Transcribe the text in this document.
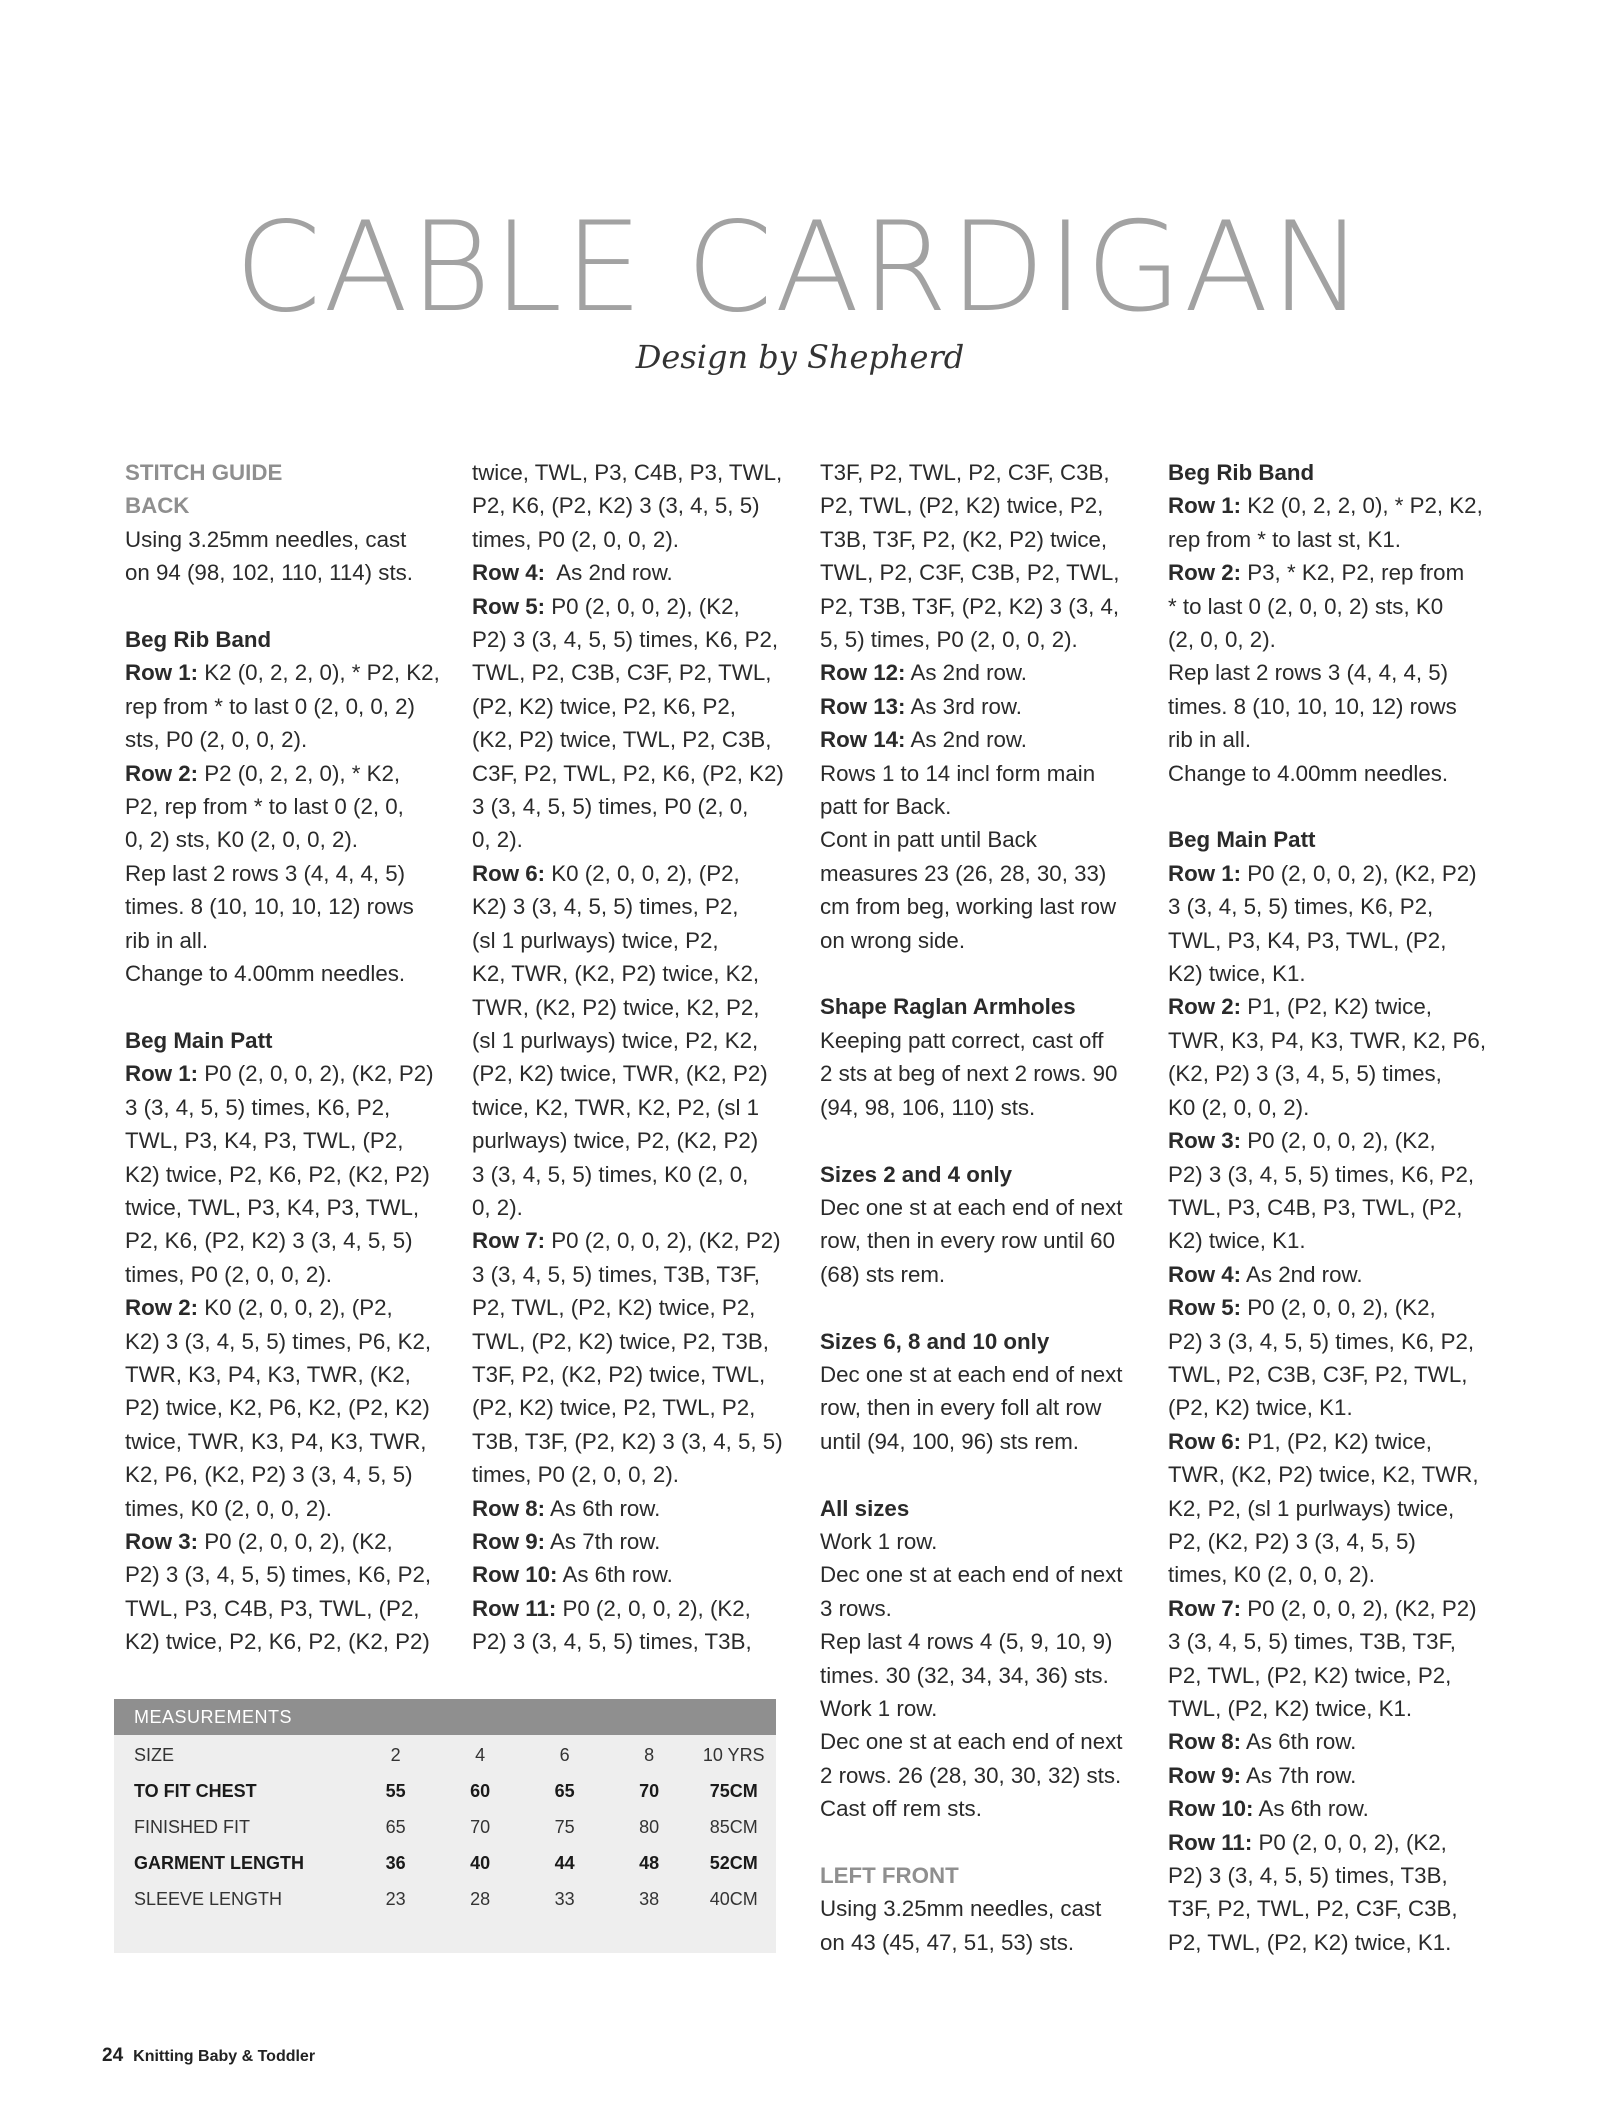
CABLE CARDIGAN
Design by Shepherd
STITCH GUIDE
BACK
Using 3.25mm needles, cast
on 94 (98, 102, 110, 114) sts.
Beg Rib Band
Row 1: K2 (0, 2, 2, 0), * P2, K2,
rep from * to last 0 (2, 0, 0, 2)
sts, P0 (2, 0, 0, 2).
Row 2: P2 (0, 2, 2, 0), * K2,
P2, rep from * to last 0 (2, 0,
0, 2) sts, K0 (2, 0, 0, 2).
Rep last 2 rows 3 (4, 4, 4, 5)
times. 8 (10, 10, 10, 12) rows
rib in all.
Change to 4.00mm needles.
Beg Main Patt
Row 1: P0 (2, 0, 0, 2), (K2, P2)
3 (3, 4, 5, 5) times, K6, P2,
TWL, P3, K4, P3, TWL, (P2,
K2) twice, P2, K6, P2, (K2, P2)
twice, TWL, P3, K4, P3, TWL,
P2, K6, (P2, K2) 3 (3, 4, 5, 5)
times, P0 (2, 0, 0, 2).
Row 2: K0 (2, 0, 0, 2), (P2,
K2) 3 (3, 4, 5, 5) times, P6, K2,
TWR, K3, P4, K3, TWR, (K2,
P2) twice, K2, P6, K2, (P2, K2)
twice, TWR, K3, P4, K3, TWR,
K2, P6, (K2, P2) 3 (3, 4, 5, 5)
times, K0 (2, 0, 0, 2).
Row 3: P0 (2, 0, 0, 2), (K2,
P2) 3 (3, 4, 5, 5) times, K6, P2,
TWL, P3, C4B, P3, TWL, (P2,
K2) twice, P2, K6, P2, (K2, P2)
twice, TWL, P3, C4B, P3, TWL,
P2, K6, (P2, K2) 3 (3, 4, 5, 5)
times, P0 (2, 0, 0, 2).
Row 4:  As 2nd row.
Row 5: P0 (2, 0, 0, 2), (K2,
P2) 3 (3, 4, 5, 5) times, K6, P2,
TWL, P2, C3B, C3F, P2, TWL,
(P2, K2) twice, P2, K6, P2,
(K2, P2) twice, TWL, P2, C3B,
C3F, P2, TWL, P2, K6, (P2, K2)
3 (3, 4, 5, 5) times, P0 (2, 0,
0, 2).
Row 6: K0 (2, 0, 0, 2), (P2,
K2) 3 (3, 4, 5, 5) times, P2,
(sl 1 purlways) twice, P2,
K2, TWR, (K2, P2) twice, K2,
TWR, (K2, P2) twice, K2, P2,
(sl 1 purlways) twice, P2, K2,
(P2, K2) twice, TWR, (K2, P2)
twice, K2, TWR, K2, P2, (sl 1
purlways) twice, P2, (K2, P2)
3 (3, 4, 5, 5) times, K0 (2, 0,
0, 2).
Row 7: P0 (2, 0, 0, 2), (K2, P2)
3 (3, 4, 5, 5) times, T3B, T3F,
P2, TWL, (P2, K2) twice, P2,
TWL, (P2, K2) twice, P2, T3B,
T3F, P2, (K2, P2) twice, TWL,
(P2, K2) twice, P2, TWL, P2,
T3B, T3F, (P2, K2) 3 (3, 4, 5, 5)
times, P0 (2, 0, 0, 2).
Row 8: As 6th row.
Row 9: As 7th row.
Row 10: As 6th row.
Row 11: P0 (2, 0, 0, 2), (K2,
P2) 3 (3, 4, 5, 5) times, T3B,
T3F, P2, TWL, P2, C3F, C3B,
P2, TWL, (P2, K2) twice, P2,
T3B, T3F, P2, (K2, P2) twice,
TWL, P2, C3F, C3B, P2, TWL,
P2, T3B, T3F, (P2, K2) 3 (3, 4,
5, 5) times, P0 (2, 0, 0, 2).
Row 12: As 2nd row.
Row 13: As 3rd row.
Row 14: As 2nd row.
Rows 1 to 14 incl form main
patt for Back.
Cont in patt until Back
measures 23 (26, 28, 30, 33)
cm from beg, working last row
on wrong side.
Shape Raglan Armholes
Keeping patt correct, cast off
2 sts at beg of next 2 rows. 90
(94, 98, 106, 110) sts.
Sizes 2 and 4 only
Dec one st at each end of next
row, then in every row until 60
(68) sts rem.
Sizes 6, 8 and 10 only
Dec one st at each end of next
row, then in every foll alt row
until (94, 100, 96) sts rem.
All sizes
Work 1 row.
Dec one st at each end of next
3 rows.
Rep last 4 rows 4 (5, 9, 10, 9)
times. 30 (32, 34, 34, 36) sts.
Work 1 row.
Dec one st at each end of next
2 rows. 26 (28, 30, 30, 32) sts.
Cast off rem sts.
LEFT FRONT
Using 3.25mm needles, cast
on 43 (45, 47, 51, 53) sts.
Beg Rib Band
Row 1: K2 (0, 2, 2, 0), * P2, K2,
rep from * to last st, K1.
Row 2: P3, * K2, P2, rep from
* to last 0 (2, 0, 0, 2) sts, K0
(2, 0, 0, 2).
Rep last 2 rows 3 (4, 4, 4, 5)
times. 8 (10, 10, 10, 12) rows
rib in all.
Change to 4.00mm needles.
Beg Main Patt
Row 1: P0 (2, 0, 0, 2), (K2, P2)
3 (3, 4, 5, 5) times, K6, P2,
TWL, P3, K4, P3, TWL, (P2,
K2) twice, K1.
Row 2: P1, (P2, K2) twice,
TWR, K3, P4, K3, TWR, K2, P6,
(K2, P2) 3 (3, 4, 5, 5) times,
K0 (2, 0, 0, 2).
Row 3: P0 (2, 0, 0, 2), (K2,
P2) 3 (3, 4, 5, 5) times, K6, P2,
TWL, P3, C4B, P3, TWL, (P2,
K2) twice, K1.
Row 4: As 2nd row.
Row 5: P0 (2, 0, 0, 2), (K2,
P2) 3 (3, 4, 5, 5) times, K6, P2,
TWL, P2, C3B, C3F, P2, TWL,
(P2, K2) twice, K1.
Row 6: P1, (P2, K2) twice,
TWR, (K2, P2) twice, K2, TWR,
K2, P2, (sl 1 purlways) twice,
P2, (K2, P2) 3 (3, 4, 5, 5)
times, K0 (2, 0, 0, 2).
Row 7: P0 (2, 0, 0, 2), (K2, P2)
3 (3, 4, 5, 5) times, T3B, T3F,
P2, TWL, (P2, K2) twice, P2,
TWL, (P2, K2) twice, K1.
Row 8: As 6th row.
Row 9: As 7th row.
Row 10: As 6th row.
Row 11: P0 (2, 0, 0, 2), (K2,
P2) 3 (3, 4, 5, 5) times, T3B,
T3F, P2, TWL, P2, C3F, C3B,
P2, TWL, (P2, K2) twice, K1.
MEASUREMENTS
SIZE	2	4	6	8	10 YRS
TO FIT CHEST	55	60	65	70	75CM
FINISHED FIT	65	70	75	80	85CM
GARMENT LENGTH	36	40	44	48	52CM
SLEEVE LENGTH	23	28	33	38	40CM
24 Knitting Baby & Toddler
